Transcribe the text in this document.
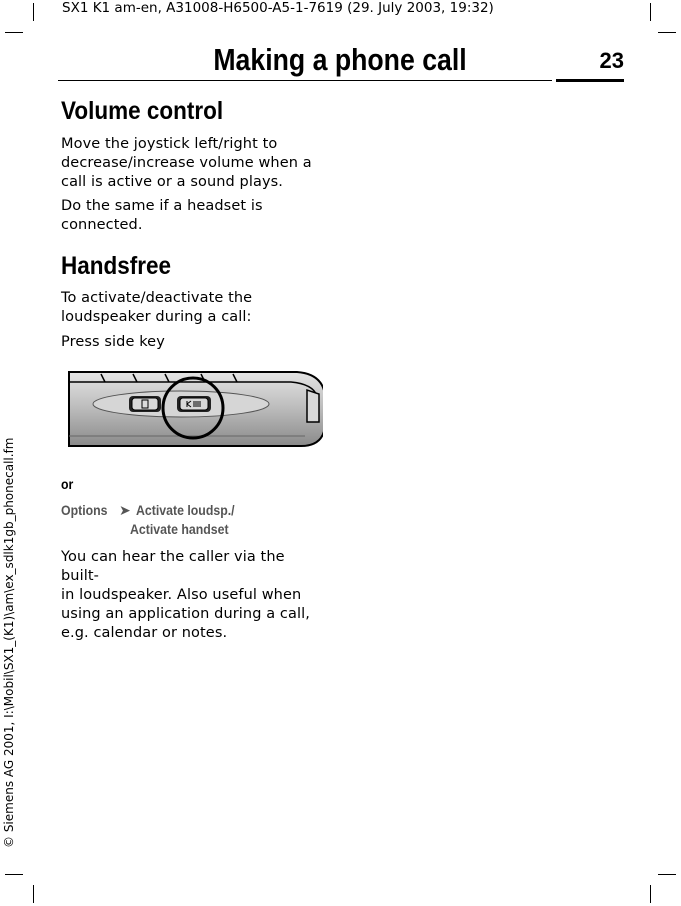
SX1 K1 am-en, A31008-H6500-A5-1-7619 (29. July 2003, 19:32)
Making a phone call	23
© Siemens AG 2001, I:\Mobil\SX1_(K1)\am\ex_sdlk1gb_phonecall.fm
Volume control

Move the joystick left/right to
decrease/increase volume when a
call is active or a sound plays.

Do the same if a headset is
connected.

Handsfree

To activate/deactivate the
loudspeaker during a call:

Press side key

or
Options ➤ Activate loudsp./
Activate handset

You can hear the caller via the built-
in loudspeaker. Also useful when
using an application during a call,
e.g. calendar or notes.
